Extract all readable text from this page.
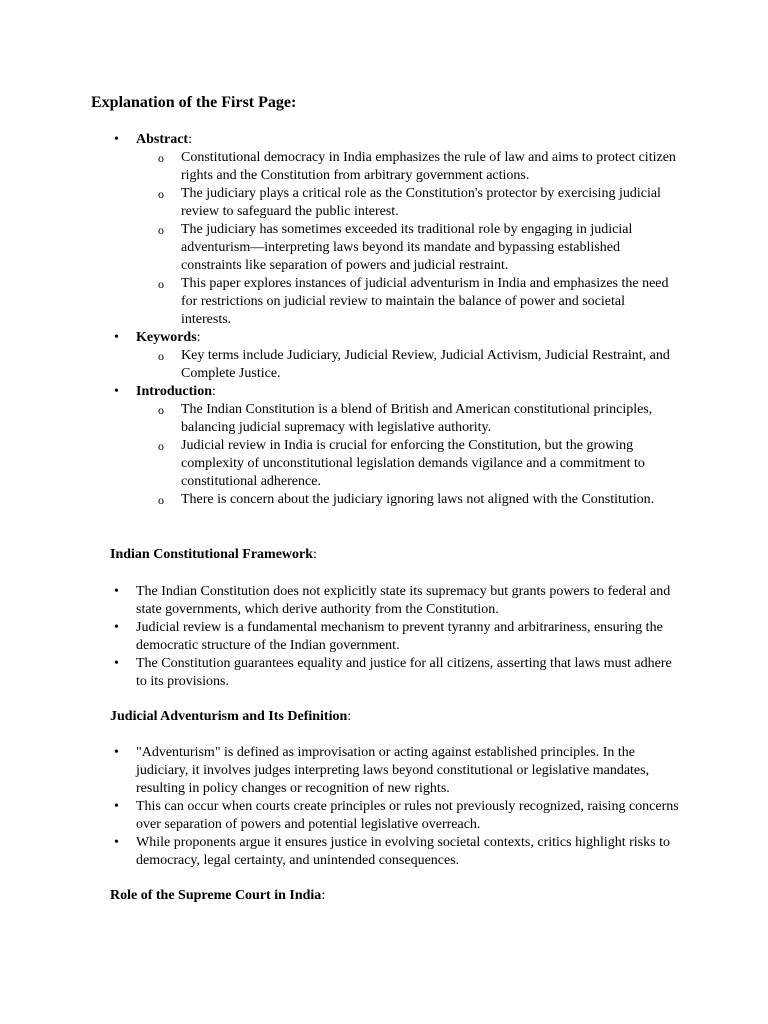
Explanation of the First Page:
• Abstract:
o Constitutional democracy in India emphasizes the rule of law and aims to protect citizen rights and the Constitution from arbitrary government actions.
o The judiciary plays a critical role as the Constitution's protector by exercising judicial review to safeguard the public interest.
o The judiciary has sometimes exceeded its traditional role by engaging in judicial adventurism—interpreting laws beyond its mandate and bypassing established constraints like separation of powers and judicial restraint.
o This paper explores instances of judicial adventurism in India and emphasizes the need for restrictions on judicial review to maintain the balance of power and societal interests.
• Keywords:
o Key terms include Judiciary, Judicial Review, Judicial Activism, Judicial Restraint, and Complete Justice.
• Introduction:
o The Indian Constitution is a blend of British and American constitutional principles, balancing judicial supremacy with legislative authority.
o Judicial review in India is crucial for enforcing the Constitution, but the growing complexity of unconstitutional legislation demands vigilance and a commitment to constitutional adherence.
o There is concern about the judiciary ignoring laws not aligned with the Constitution.

Indian Constitutional Framework:

• The Indian Constitution does not explicitly state its supremacy but grants powers to federal and state governments, which derive authority from the Constitution.
• Judicial review is a fundamental mechanism to prevent tyranny and arbitrariness, ensuring the democratic structure of the Indian government.
• The Constitution guarantees equality and justice for all citizens, asserting that laws must adhere to its provisions.

Judicial Adventurism and Its Definition:

• "Adventurism" is defined as improvisation or acting against established principles. In the judiciary, it involves judges interpreting laws beyond constitutional or legislative mandates, resulting in policy changes or recognition of new rights.
• This can occur when courts create principles or rules not previously recognized, raising concerns over separation of powers and potential legislative overreach.
• While proponents argue it ensures justice in evolving societal contexts, critics highlight risks to democracy, legal certainty, and unintended consequences.

Role of the Supreme Court in India:
